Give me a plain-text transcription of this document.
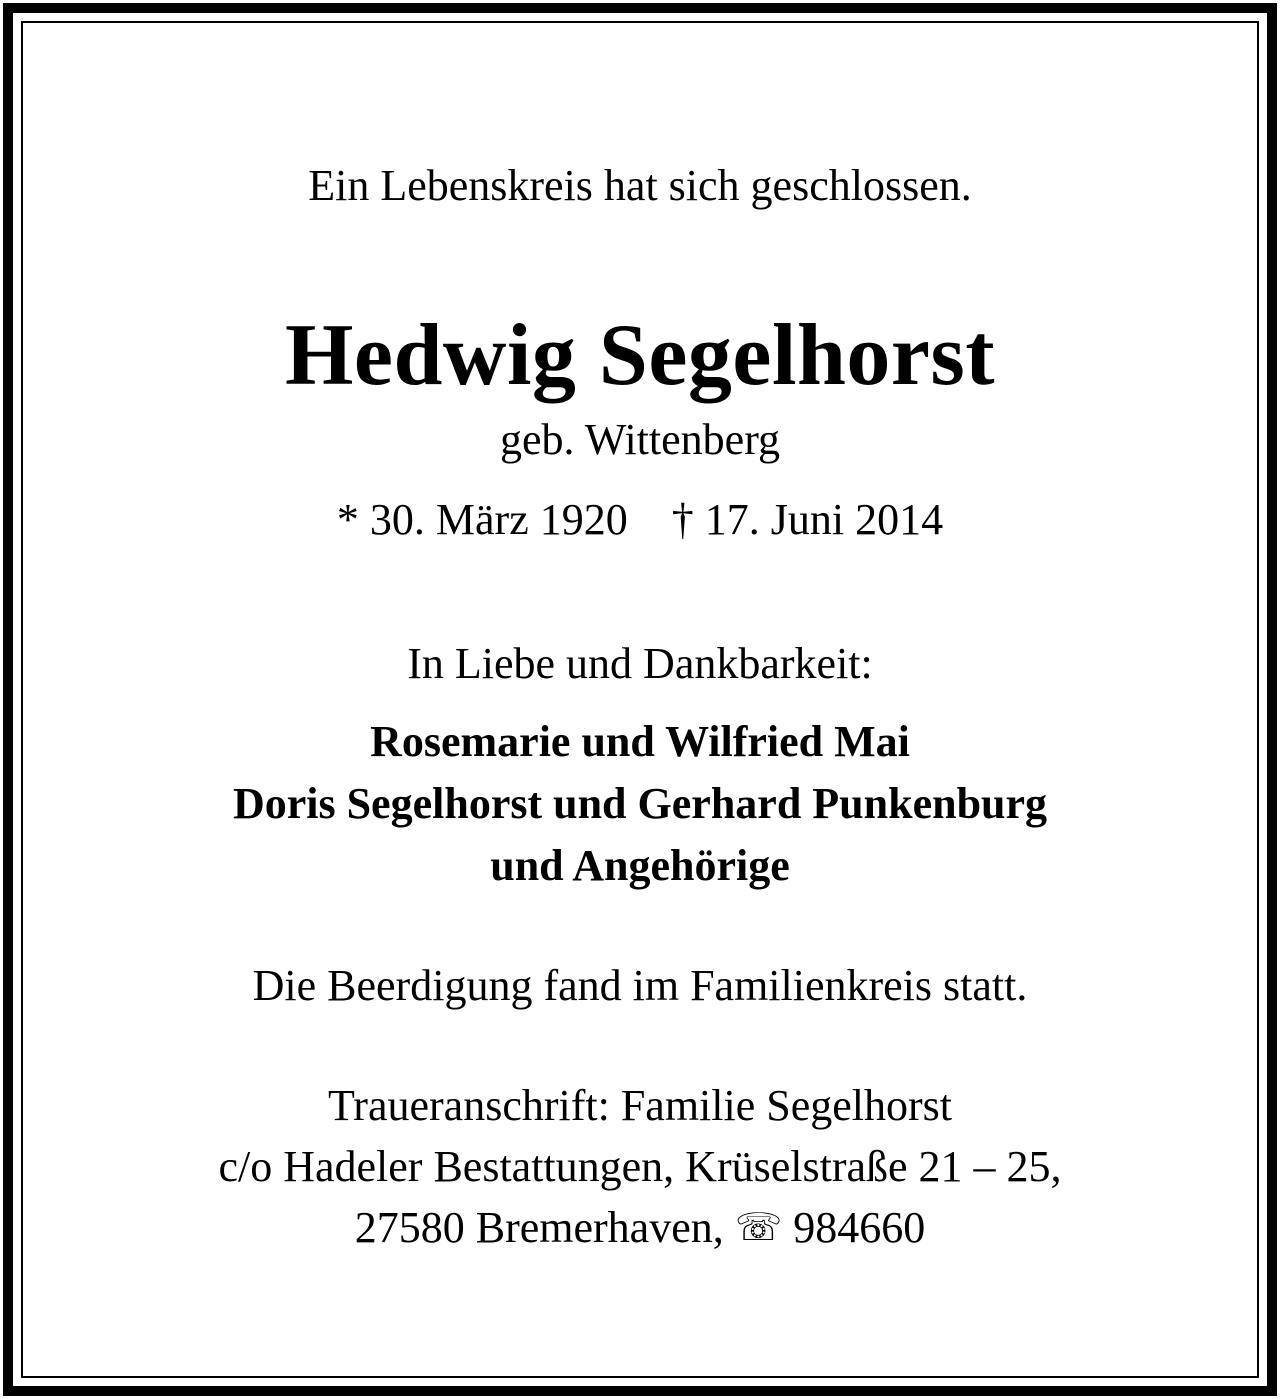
Ein Lebenskreis hat sich geschlossen.
Hedwig Segelhorst
geb. Wittenberg
* 30. März 1920 † 17. Juni 2014
In Liebe und Dankbarkeit:
Rosemarie und Wilfried Mai
Doris Segelhorst und Gerhard Punkenburg
und Angehörige
Die Beerdigung fand im Familienkreis statt.
Traueranschrift: Familie Segelhorst
c/o Hadeler Bestattungen, Krüselstraße 21 – 25,
27580 Bremerhaven, ☏ 984660
